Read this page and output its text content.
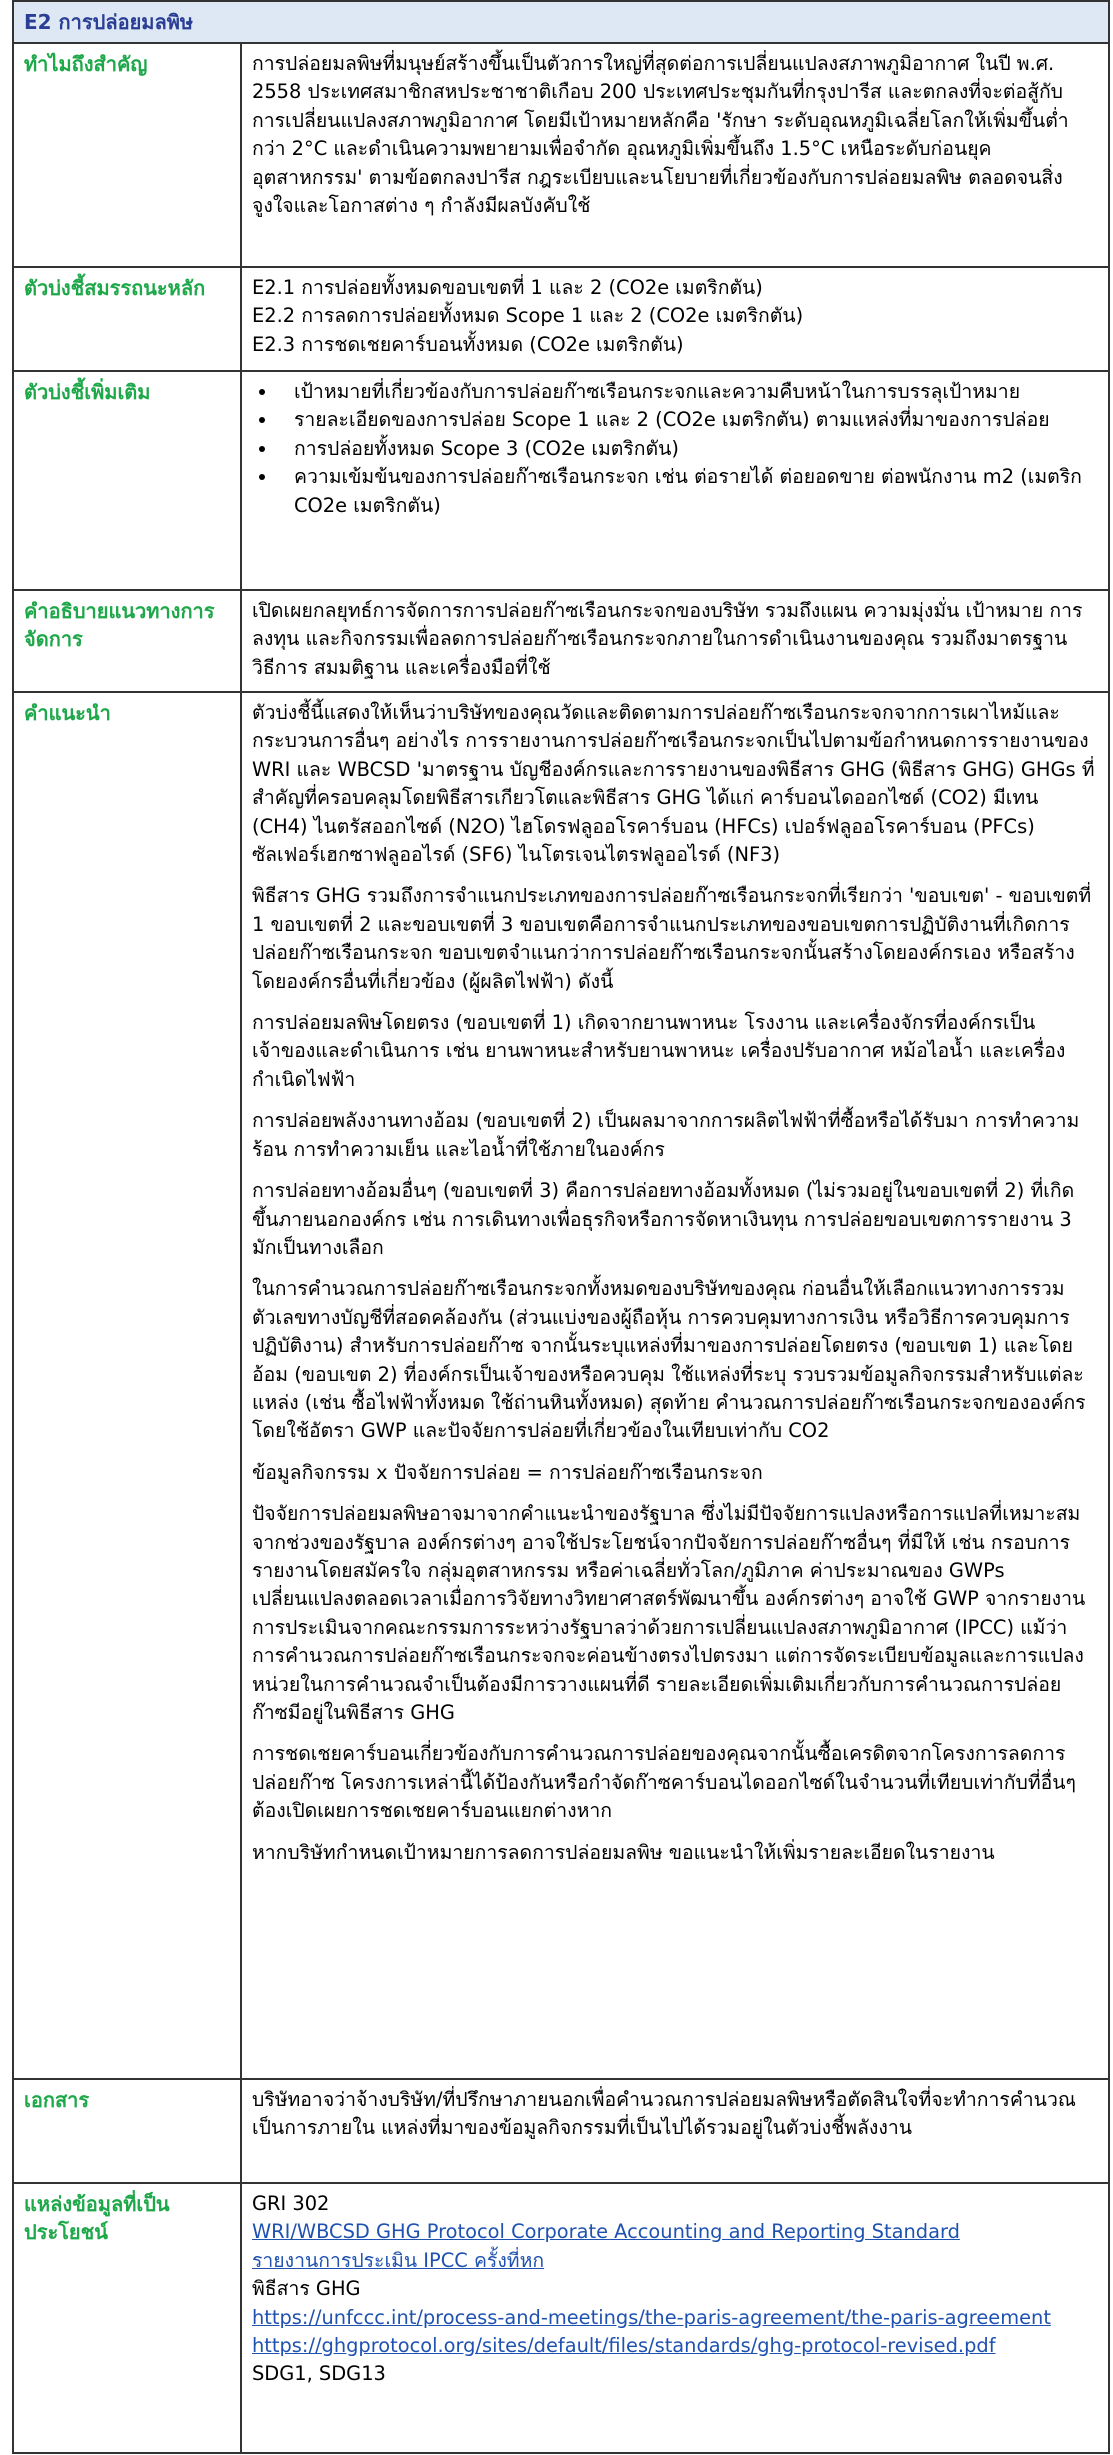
E2 การปล่อยมลพิษ
ทำไมถึงสำคัญ	การปล่อยมลพิษที่มนุษย์สร้างขึ้นเป็นตัวการใหญ่ที่สุดต่อการเปลี่ยนแปลงสภาพภูมิอากาศ ในปี พ.ศ. 2558 ประเทศสมาชิกสหประชาชาติเกือบ 200 ประเทศประชุมกันที่กรุงปารีส และตกลงที่จะต่อสู้กับการเปลี่ยนแปลงสภาพภูมิอากาศ โดยมีเป้าหมายหลักคือ 'รักษา ระดับอุณหภูมิเฉลี่ยโลกให้เพิ่มขึ้นต่ำกว่า 2°C และดำเนินความพยายามเพื่อจำกัด อุณหภูมิเพิ่มขึ้นถึง 1.5°C เหนือระดับก่อนยุคอุตสาหกรรม' ตามข้อตกลงปารีส กฎระเบียบและนโยบายที่เกี่ยวข้องกับการปล่อยมลพิษ ตลอดจนสิ่งจูงใจและโอกาสต่าง ๆ กำลังมีผลบังคับใช้

ตัวบ่งชี้สมรรถนะหลัก	E2.1 การปล่อยทั้งหมดขอบเขตที่ 1 และ 2 (CO2e เมตริกตัน)
E2.2 การลดการปล่อยทั้งหมด Scope 1 และ 2 (CO2e เมตริกตัน)
E2.3 การชดเชยคาร์บอนทั้งหมด (CO2e เมตริกตัน)
ตัวบ่งชี้เพิ่มเติม
•	เป้าหมายที่เกี่ยวข้องกับการปล่อยก๊าซเรือนกระจกและความคืบหน้าในการบรรลุเป้าหมาย
• รายละเอียดของการปล่อย Scope 1 และ 2 (CO2e เมตริกตัน) ตามแหล่งที่มาของการปล่อย
• การปล่อยทั้งหมด Scope 3 (CO2e เมตริกตัน)
• ความเข้มข้นของการปล่อยก๊าซเรือนกระจก เช่น ต่อรายได้ ต่อยอดขาย ต่อพนักงาน m2 (เมตริก CO2e เมตริกตัน)
คำอธิบายแนวทางการจัดการ

เปิดเผยกลยุทธ์การจัดการการปล่อยก๊าซเรือนกระจกของบริษัท รวมถึงแผน ความมุ่งมั่น เป้าหมาย การลงทุน และกิจกรรมเพื่อลดการปล่อยก๊าซเรือนกระจกภายในการดำเนินงานของคุณ รวมถึงมาตรฐาน วิธีการ สมมติฐาน และเครื่องมือที่ใช้

คำแนะนำ	ตัวบ่งชี้นี้แสดงให้เห็นว่าบริษัทของคุณวัดและติดตามการปล่อยก๊าซเรือนกระจกจากการเผาไหม้และกระบวนการอื่นๆ อย่างไร การรายงานการปล่อยก๊าซเรือนกระจกเป็นไปตามข้อกำหนดการรายงานของ WRI และ WBCSD 'มาตรฐาน บัญชีองค์กรและการรายงานของพิธีสาร GHG (พิธีสาร GHG) GHGs ที่สำคัญที่ครอบคลุมโดยพิธีสารเกียวโตและพิธีสาร GHG ได้แก่ คาร์บอนไดออกไซด์ (CO2) มีเทน (CH4) ไนตรัสออกไซด์ (N2O) ไฮโดรฟลูออโรคาร์บอน (HFCs) เปอร์ฟลูออโรคาร์บอน (PFCs) ซัลเฟอร์เฮกซาฟลูออไรด์ (SF6) ไนโตรเจนไตรฟลูออไรด์ (NF3)

พิธีสาร GHG รวมถึงการจำแนกประเภทของการปล่อยก๊าซเรือนกระจกที่เรียกว่า 'ขอบเขต' - ขอบเขตที่ 1 ขอบเขตที่ 2 และขอบเขตที่ 3 ขอบเขตคือการจำแนกประเภทของขอบเขตการปฏิบัติงานที่เกิดการปล่อยก๊าซเรือนกระจก ขอบเขตจำแนกว่าการปล่อยก๊าซเรือนกระจกนั้นสร้างโดยองค์กรเอง หรือสร้างโดยองค์กรอื่นที่เกี่ยวข้อง (ผู้ผลิตไฟฟ้า) ดังนี้

การปล่อยมลพิษโดยตรง (ขอบเขตที่ 1) เกิดจากยานพาหนะ โรงงาน และเครื่องจักรที่องค์กรเป็นเจ้าของและดำเนินการ เช่น ยานพาหนะสำหรับยานพาหนะ เครื่องปรับอากาศ หม้อไอน้ำ และเครื่องกำเนิดไฟฟ้า

การปล่อยพลังงานทางอ้อม (ขอบเขตที่ 2) เป็นผลมาจากการผลิตไฟฟ้าที่ซื้อหรือได้รับมา การทำความร้อน การทำความเย็น และไอน้ำที่ใช้ภายในองค์กร

การปล่อยทางอ้อมอื่นๆ (ขอบเขตที่ 3) คือการปล่อยทางอ้อมทั้งหมด (ไม่รวมอยู่ในขอบเขตที่ 2) ที่เกิดขึ้นภายนอกองค์กร เช่น การเดินทางเพื่อธุรกิจหรือการจัดหาเงินทุน การปล่อยขอบเขตการรายงาน 3 มักเป็นทางเลือก

ในการคำนวณการปล่อยก๊าซเรือนกระจกทั้งหมดของบริษัทของคุณ ก่อนอื่นให้เลือกแนวทางการรวมตัวเลขทางบัญชีที่สอดคล้องกัน (ส่วนแบ่งของผู้ถือหุ้น การควบคุมทางการเงิน หรือวิธีการควบคุมการปฏิบัติงาน) สำหรับการปล่อยก๊าซ จากนั้นระบุแหล่งที่มาของการปล่อยโดยตรง (ขอบเขต 1) และโดยอ้อม (ขอบเขต 2) ที่องค์กรเป็นเจ้าของหรือควบคุม ใช้แหล่งที่ระบุ รวบรวมข้อมูลกิจกรรมสำหรับแต่ละแหล่ง (เช่น ซื้อไฟฟ้าทั้งหมด ใช้ถ่านหินทั้งหมด) สุดท้าย คำนวณการปล่อยก๊าซเรือนกระจกขององค์กรโดยใช้อัตรา GWP และปัจจัยการปล่อยที่เกี่ยวข้องในเทียบเท่ากับ CO2

ข้อมูลกิจกรรม x ปัจจัยการปล่อย = การปล่อยก๊าซเรือนกระจก

ปัจจัยการปล่อยมลพิษอาจมาจากคำแนะนำของรัฐบาล ซึ่งไม่มีปัจจัยการแปลงหรือการแปลที่เหมาะสมจากช่วงของรัฐบาล องค์กรต่างๆ อาจใช้ประโยชน์จากปัจจัยการปล่อยก๊าซอื่นๆ ที่มีให้ เช่น กรอบการรายงานโดยสมัครใจ กลุ่มอุตสาหกรรม หรือค่าเฉลี่ยทั่วโลก/ภูมิภาค ค่าประมาณของ GWPs เปลี่ยนแปลงตลอดเวลาเมื่อการวิจัยทางวิทยาศาสตร์พัฒนาขึ้น องค์กรต่างๆ อาจใช้ GWP จากรายงานการประเมินจากคณะกรรมการระหว่างรัฐบาลว่าด้วยการเปลี่ยนแปลงสภาพภูมิอากาศ (IPCC) แม้ว่าการคำนวณการปล่อยก๊าซเรือนกระจกจะค่อนข้างตรงไปตรงมา แต่การจัดระเบียบข้อมูลและการแปลงหน่วยในการคำนวณจำเป็นต้องมีการวางแผนที่ดี รายละเอียดเพิ่มเติมเกี่ยวกับการคำนวณการปล่อยก๊าซมีอยู่ในพิธีสาร GHG

การชดเชยคาร์บอนเกี่ยวข้องกับการคำนวณการปล่อยของคุณจากนั้นซื้อเครดิตจากโครงการลดการปล่อยก๊าซ โครงการเหล่านี้ได้ป้องกันหรือกำจัดก๊าซคาร์บอนไดออกไซด์ในจำนวนที่เทียบเท่ากับที่อื่นๆ ต้องเปิดเผยการชดเชยคาร์บอนแยกต่างหาก

หากบริษัทกำหนดเป้าหมายการลดการปล่อยมลพิษ ขอแนะนำให้เพิ่มรายละเอียดในรายงาน

เอกสาร	บริษัทอาจว่าจ้างบริษัท/ที่ปรึกษาภายนอกเพื่อคำนวณการปล่อยมลพิษหรือตัดสินใจที่จะทำการคำนวณเป็นการภายใน แหล่งที่มาของข้อมูลกิจกรรมที่เป็นไปได้รวมอยู่ในตัวบ่งชี้พลังงาน

แหล่งข้อมูลที่เป็นประโยชน์
GRI 302
WRI/WBCSD GHG Protocol Corporate Accounting and Reporting Standard
รายงานการประเมิน IPCC ครั้งที่หก
พิธีสาร GHG
https://unfccc.int/process-and-meetings/the-paris-agreement/the-paris-agreement
https://ghgprotocol.org/sites/default/files/standards/ghg-protocol-revised.pdf
SDG1, SDG13
